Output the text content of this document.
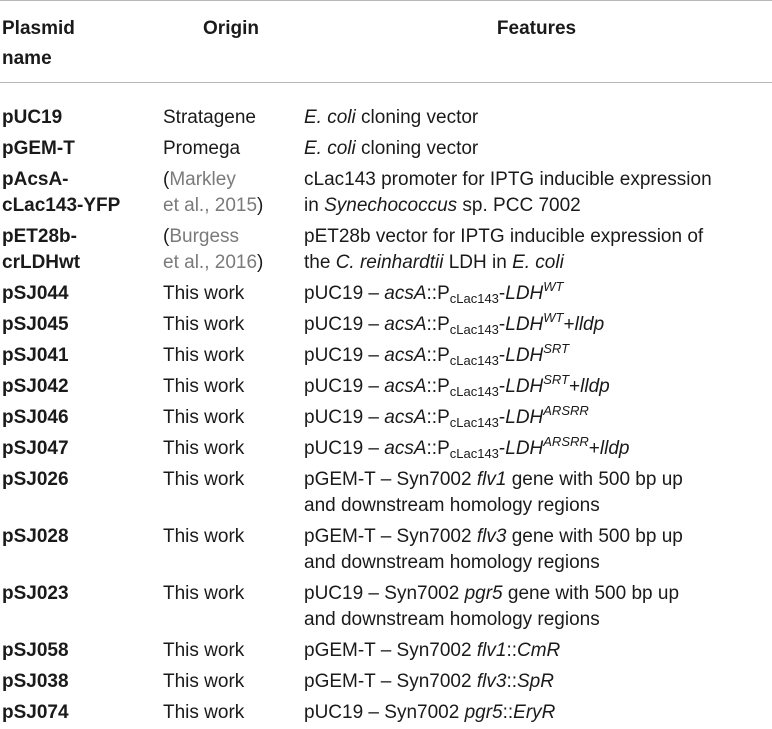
Plasmid
name	Origin	Features
pUC19	Stratagene	E. coli cloning vector
pGEM-T	Promega	E. coli cloning vector
pAcsA-
cLac143-YFP	(Markley
et al., 2015)	cLac143 promoter for IPTG inducible expression
in Synechococcus sp. PCC 7002
pET28b-
crLDHwt	(Burgess
et al., 2016)	pET28b vector for IPTG inducible expression of
the C. reinhardtii LDH in E. coli
pSJ044	This work	$pUC19 - acsA::P_{cLac143}-LDH^{WT}$
pSJ045	This work	$pUC19 - acsA::P_{cLac143}-LDH^{WT}+lldp$
pSJ041	This work	$pUC19 - acsA::P_{cLac143}-LDH^{SRT}$
pSJ042	This work	$pUC19 - acsA::P_{cLac143}-LDH^{SRT}+lldp$
pSJ046	This work	$pUC19 - acsA::P_{cLac143}-LDH^{ARSRR}$
pSJ047	This work	$pUC19 - acsA::P_{cLac143}-LDH^{ARSRR}+lldp$
pSJ026	This work	pGEM-T – Syn7002 flv1 gene with 500 bp up
and downstream homology regions
pSJ028	This work	pGEM-T – Syn7002 flv3 gene with 500 bp up
and downstream homology regions
pSJ023	This work	pUC19 – Syn7002 pgr5 gene with 500 bp up
and downstream homology regions
pSJ058	This work	pGEM-T – Syn7002 flv1::CmR
pSJ038	This work	pGEM-T – Syn7002 flv3::SpR
pSJ074	This work	pUC19 – Syn7002 pgr5::EryR
